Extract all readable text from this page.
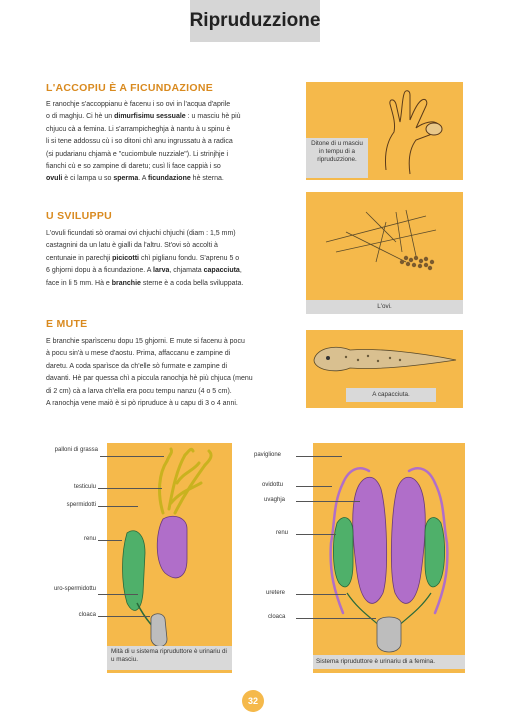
Ripruduzzione
L'ACCOPIU È A FICUNDAZIONE
E ranochje s'accoppianu è facenu i so ovi in l'acqua d'aprile
o di maghju. Ci hè un dimurfisimu sessuale : u masciu hè più
chjucu cà a femina. Li s'arrampicheghja à nantu à u spinu è
li si tene addossu cù i so ditoni chì anu ingrussatu à a radica
(si pudarianu chjamà e "cuciombule nuzziale"). Li strinjhje i
fianchi cù e so zampine di daretu; cusì li face cappià i so
ovuli è ci lampa u so sperma. A ficundazione hè sterna.
U SVILUPPU
L'ovuli ficundati sò oramai ovi chjuchi chjuchi (diam : 1,5 mm)
castagnini da un latu è gialli da l'altru. St'ovi sò accolti à
centunaie in parechji picicotti chì piglianu fondu. S'aprenu 5 o
6 ghjorni dopu à a ficundazione. A larva, chjamata capacciuta,
face in li 5 mm. Hà e branchie sterne è a coda bella sviluppata.
E MUTE
E branchie sparìscenu dopu 15 ghjorni. E mute si facenu à pocu
à pocu sin'à u mese d'aostu. Prima, affaccanu e zampine di
daretu. A coda sparìsce da ch'elle sò furmate e zampine di
davanti. Hè par quessa chì a piccula ranochja hè più chjuca (menu
di 2 cm) cà a larva ch'ella era pocu tempu nanzu (4 o 5 cm).
A ranochja vene maiò è si pò ripruduce à u capu di 3 o 4 anni.
Ditone di u masciu in tempu di a ripruduzzione.
L'ovi.
A capacciuta.
Mità di u sistema ripruduttore è urinariu di u masciu.
palloni di grassa
testiculu
spermidotti
renu
uro-spermidottu
cloaca
Sistema ripruduttore è urinariu di a femina.
paviglione
ovidottu
uvaghja
renu
uretere
cloaca
32
